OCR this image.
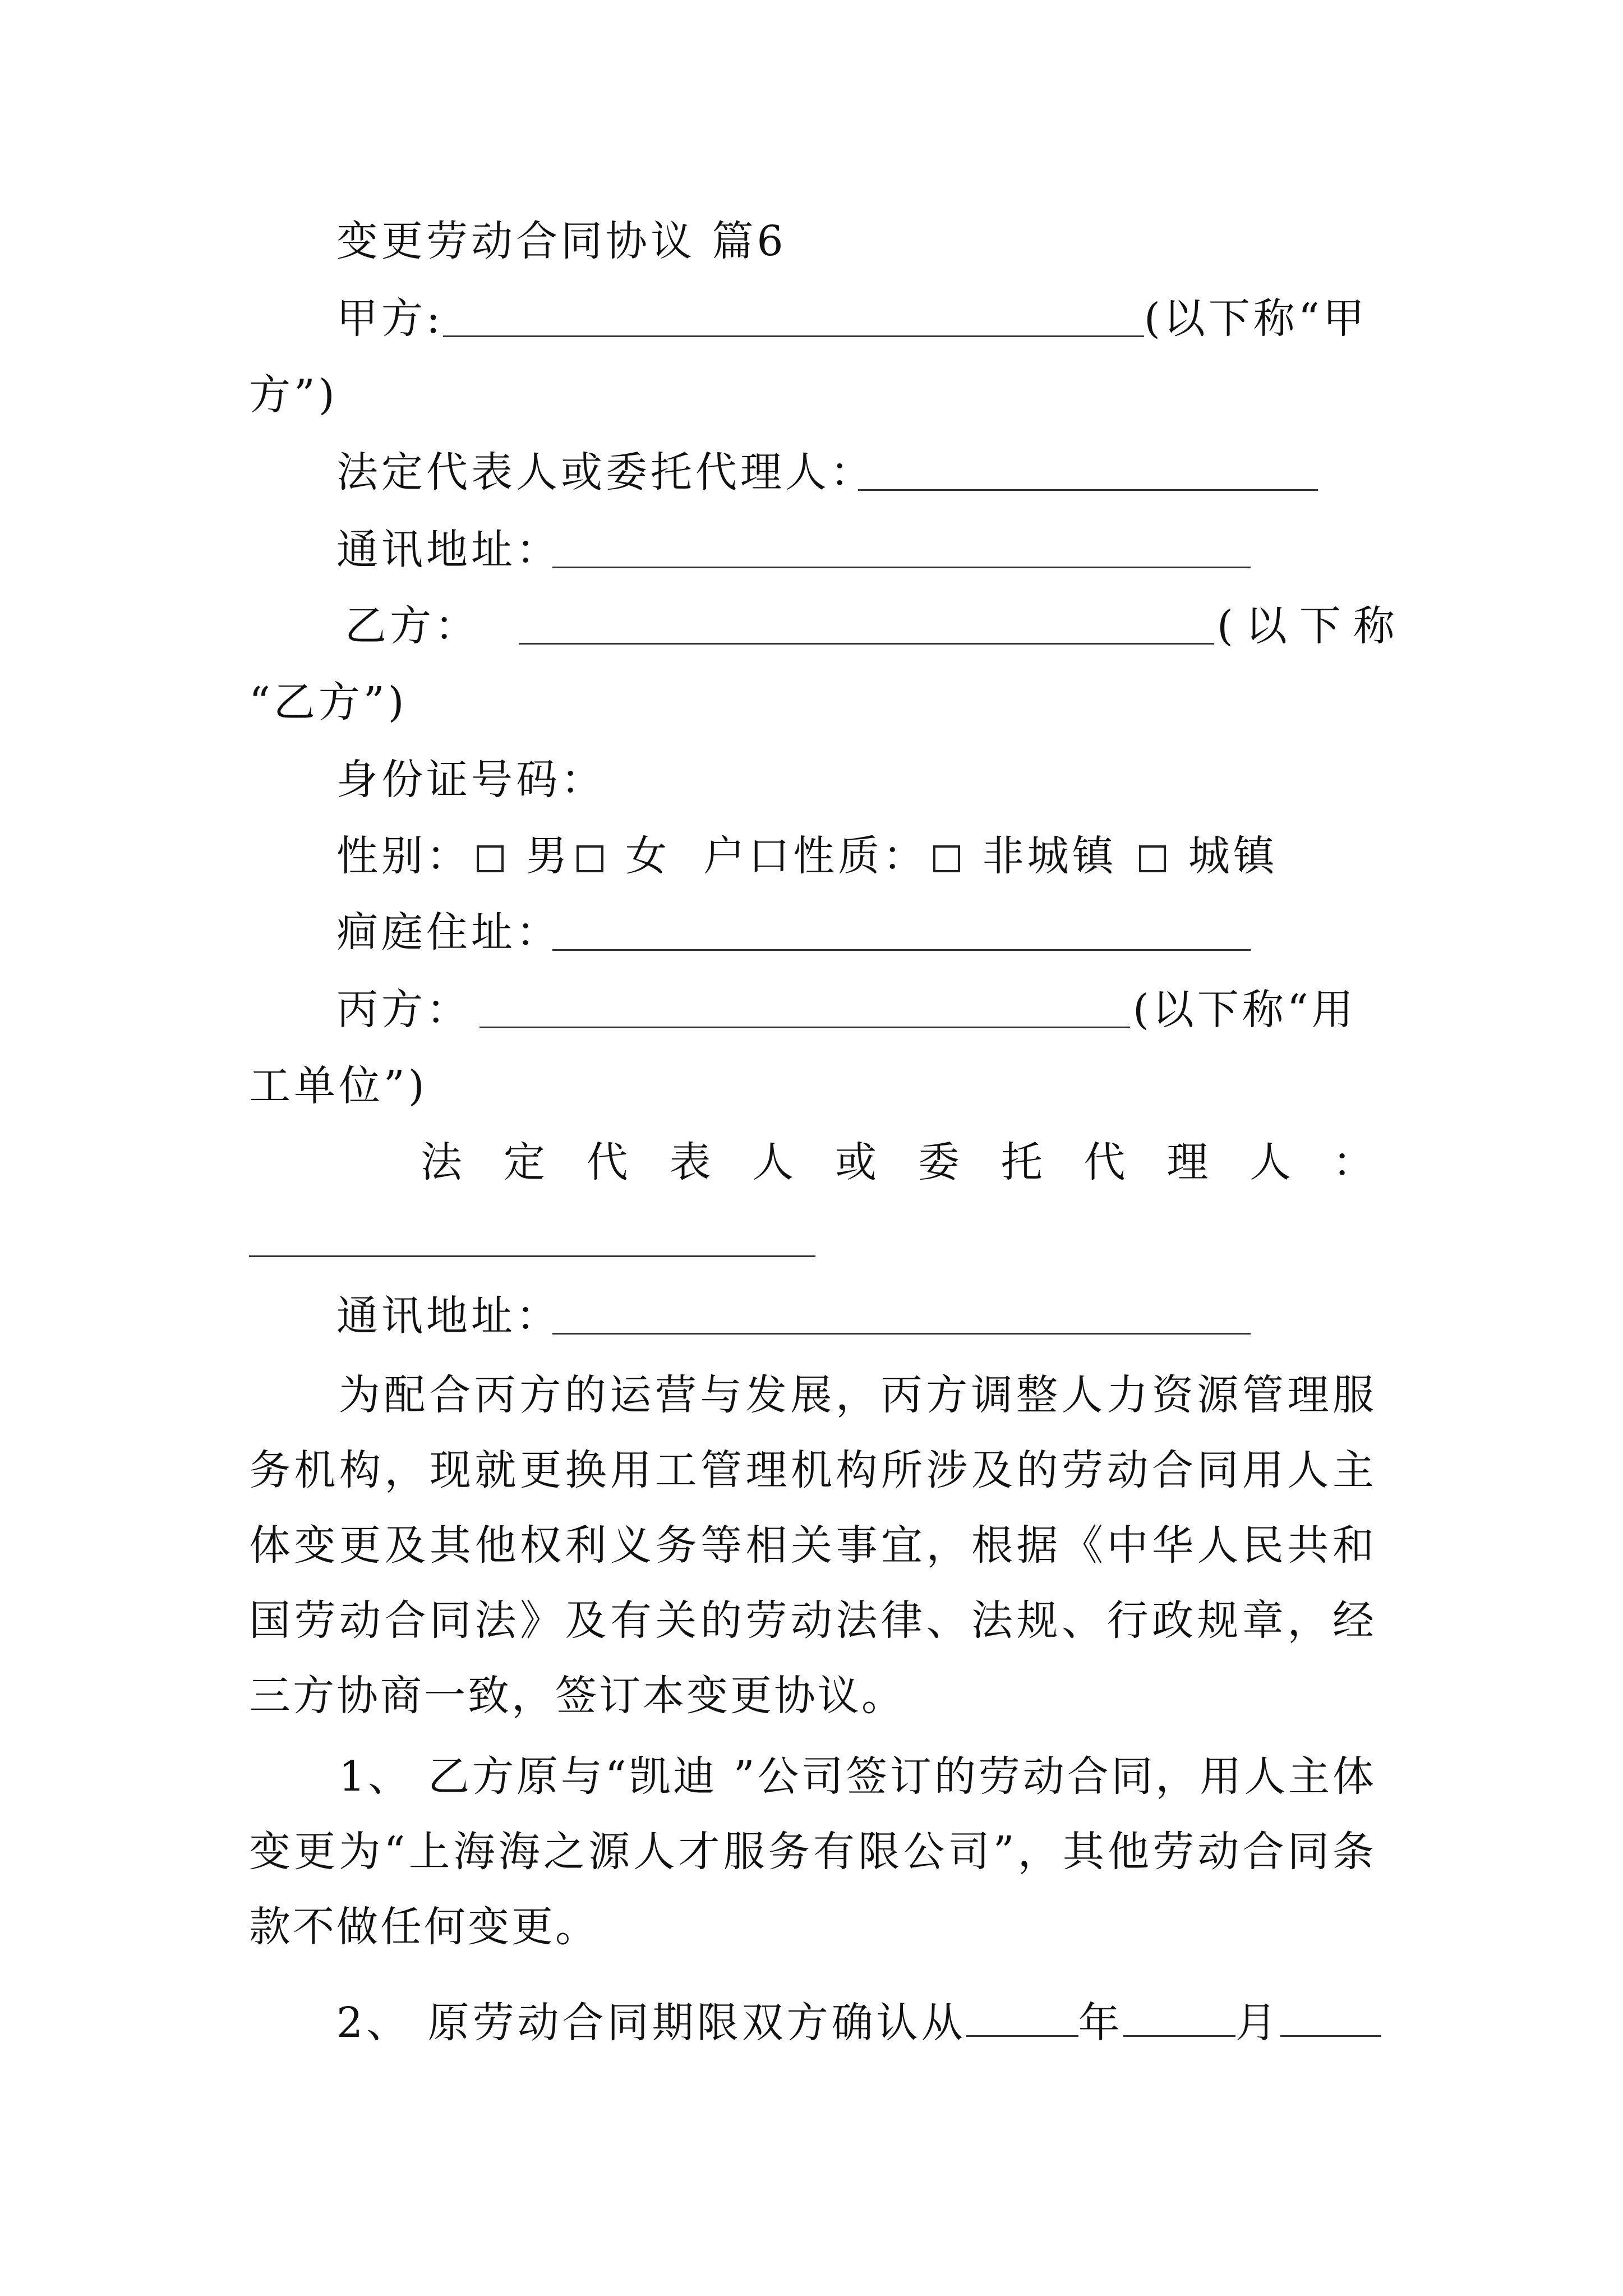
变更劳动合同协议 篇6
甲方:	(以下称“甲
方”)
法定代表人或委托代理人：
通讯地址：
乙方：	(以下称
“乙方”)
身份证号码：
性别： 男 女 户口性质： 非城镇 城镇
痐庭住址：
丙方：	(以下称“用
工单位”)
法 定 代 表 人 或 委 托 代 理 人 ：
通讯地址：
为配合丙方的运营与发展，丙方调整人力资源管理服务机构，现就更换用工管理机构所涉及的劳动合同用人主体变更及其他权利义务等相关事宜，根据《中华人民共和国劳动合同法》及有关的劳动法律、法规、行政规章，经三方协商一致，签订本变更协议。
1、 乙方原与“凯迪 ”公司签订的劳动合同，用人主体变更为“上海海之源人才服务有限公司”，其他劳动合同条款不做任何变更。
2、 原劳动合同期限双方确认从	年	月
